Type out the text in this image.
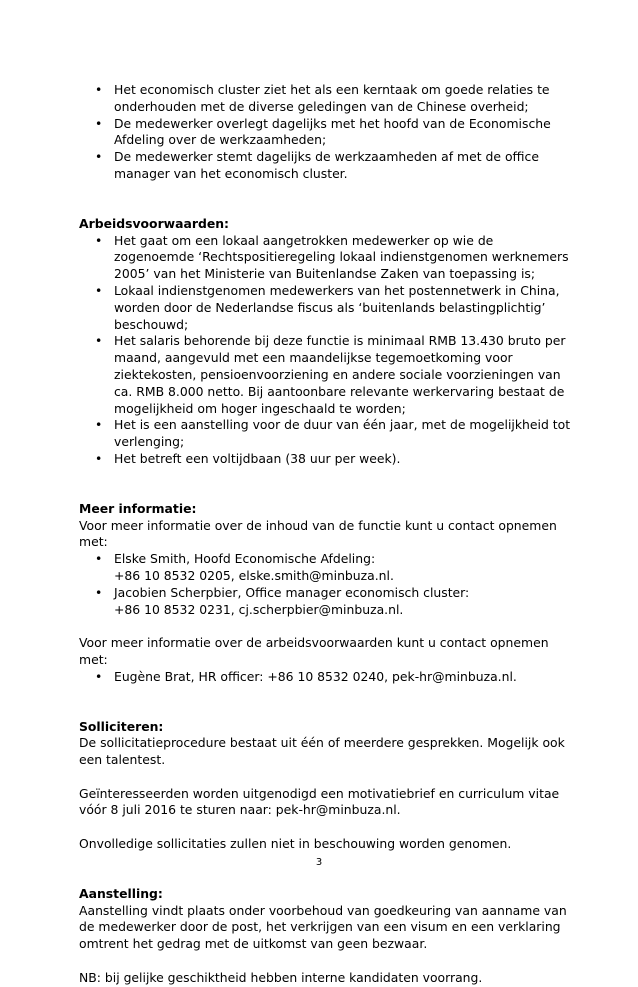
• Het economisch cluster ziet het als een kerntaak om goede relaties te onderhouden met de diverse geledingen van de Chinese overheid;
• De medewerker overlegt dagelijks met het hoofd van de Economische Afdeling over de werkzaamheden;
• De medewerker stemt dagelijks de werkzaamheden af met de office manager van het economisch cluster.

Arbeidsvoorwaarden:

• Het gaat om een lokaal aangetrokken medewerker op wie de zogenoemde ‘Rechtspositieregeling lokaal indienstgenomen werknemers 2005’ van het Ministerie van Buitenlandse Zaken van toepassing is;
• Lokaal indienstgenomen medewerkers van het postennetwerk in China, worden door de Nederlandse fiscus als ‘buitenlands belastingplichtig’ beschouwd;
• Het salaris behorende bij deze functie is minimaal RMB 13.430 bruto per maand, aangevuld met een maandelijkse tegemoetkoming voor ziektekosten, pensioenvoorziening en andere sociale voorzieningen van ca. RMB 8.000 netto. Bij aantoonbare relevante werkervaring bestaat de mogelijkheid om hoger ingeschaald te worden;
• Het is een aanstelling voor de duur van één jaar, met de mogelijkheid tot verlenging;
• Het betreft een voltijdbaan (38 uur per week).

Meer informatie:

Voor meer informatie over de inhoud van de functie kunt u contact opnemen met:

• Elske Smith, Hoofd Economische Afdeling:
+86 10 8532 0205, elske.smith@minbuza.nl.
• Jacobien Scherpbier, Office manager economisch cluster:
+86 10 8532 0231, cj.scherpbier@minbuza.nl.

Voor meer informatie over de arbeidsvoorwaarden kunt u contact opnemen met:

• Eugène Brat, HR officer: +86 10 8532 0240, pek-hr@minbuza.nl.

Solliciteren:

De sollicitatieprocedure bestaat uit één of meerdere gesprekken. Mogelijk ook een talentest.

Geïnteresseerden worden uitgenodigd een motivatiebrief en curriculum vitae vóór 8 juli 2016 te sturen naar: pek-hr@minbuza.nl.

Onvolledige sollicitaties zullen niet in beschouwing worden genomen.

Aanstelling:

Aanstelling vindt plaats onder voorbehoud van goedkeuring van aanname van de medewerker door de post, het verkrijgen van een visum en een verklaring omtrent het gedrag met de uitkomst van geen bezwaar.

NB: bij gelijke geschiktheid hebben interne kandidaten voorrang.

3
